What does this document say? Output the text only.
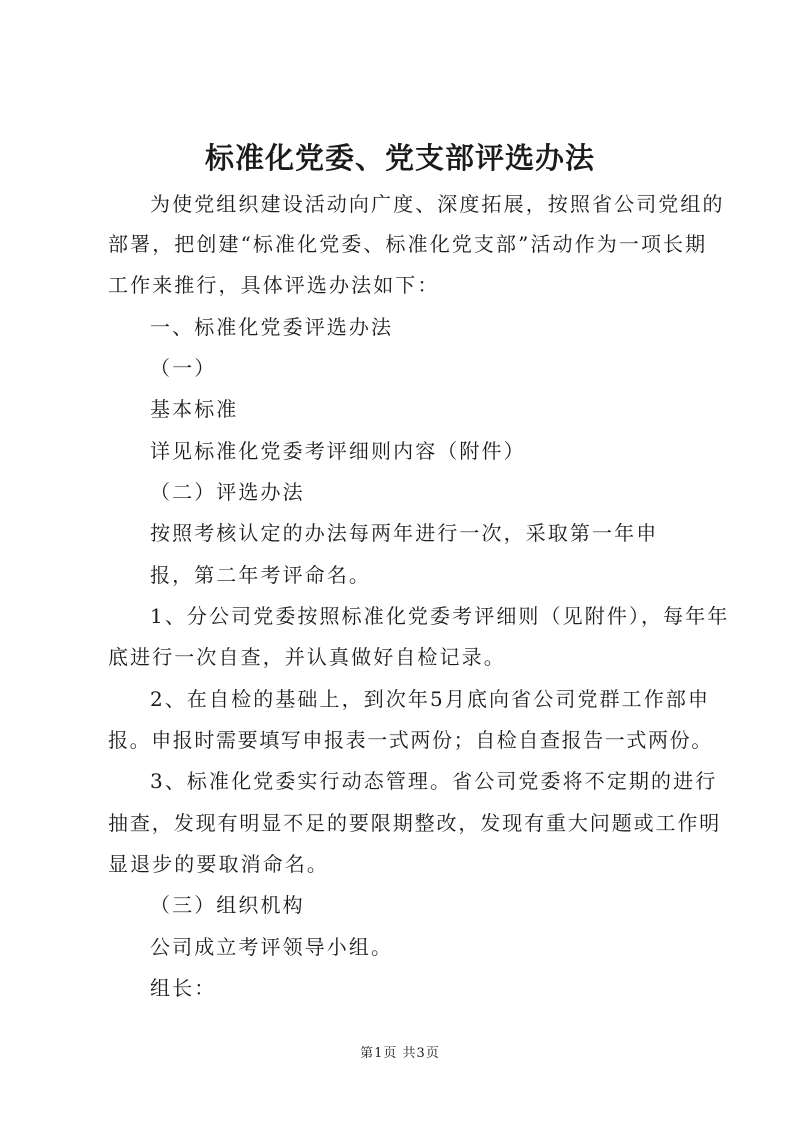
标准化党委、党支部评选办法
为使党组织建设活动向广度、深度拓展，按照省公司党组的
部署，把创建“标准化党委、标准化党支部”活动作为一项长期
工作来推行，具体评选办法如下：
一、标准化党委评选办法
（一）
基本标准
详见标准化党委考评细则内容（附件）
（二）评选办法
按照考核认定的办法每两年进行一次，采取第一年申
报，第二年考评命名。
1、分公司党委按照标准化党委考评细则（见附件），每年年
底进行一次自查，并认真做好自检记录。
2、在自检的基础上，到次年5月底向省公司党群工作部申
报。申报时需要填写申报表一式两份；自检自查报告一式两份。
3、标准化党委实行动态管理。省公司党委将不定期的进行
抽查，发现有明显不足的要限期整改，发现有重大问题或工作明
显退步的要取消命名。
（三）组织机构
公司成立考评领导小组。
组长：
第1页 共3页
